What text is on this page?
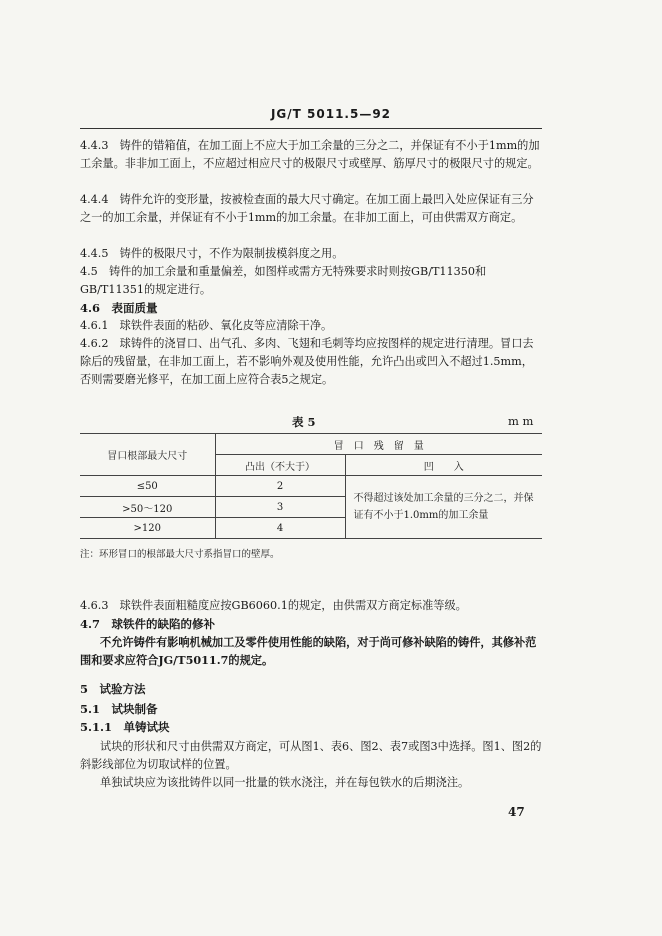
JG/T 5011.5—92

4.4.3　铸件的错箱值，在加工面上不应大于加工余量的三分之二，并保证有不小于1mm的加工余量。非非加工面上，不应超过相应尺寸的极限尺寸或壁厚、筋厚尺寸的极限尺寸的规定。

4.4.4　铸件允许的变形量，按被检查面的最大尺寸确定。在加工面上最凹入处应保证有三分之一的加工余量，并保证有不小于1mm的加工余量。在非加工面上，可由供需双方商定。

4.4.5　铸件的极限尺寸，不作为限制拔模斜度之用。

4.5　铸件的加工余量和重量偏差，如图样或需方无特殊要求时则按GB/T11350和GB/T11351的规定进行。

4.6　表面质量

4.6.1　球铁件表面的粘砂、氧化皮等应清除干净。

4.6.2　球铸件的浇冒口、出气孔、多肉、飞翅和毛刺等均应按图样的规定进行清理。冒口去除后的残留量，在非加工面上，若不影响外观及使用性能，允许凸出或凹入不超过1.5mm，否则需要磨光修平，在加工面上应符合表5之规定。

表 5	m m
冒口根部最大尺寸	冒　口　残　留　量	
	凸出（不大于）	凹　　入
≤50	2	不得超过该处加工余量的三分之二，并保证有不小于1.0mm的加工余量
>50～120	3	
>120	4	
注：环形冒口的根部最大尺寸系指冒口的壁厚。

4.6.3　球铁件表面粗糙度应按GB6060.1的规定，由供需双方商定标准等级。

4.7　球铁件的缺陷的修补

不允许铸件有影响机械加工及零件使用性能的缺陷，对于尚可修补缺陷的铸件，其修补范围和要求应符合JG/T5011.7的规定。

5　试验方法

5.1　试块制备

5.1.1　单铸试块

试块的形状和尺寸由供需双方商定，可从图1、表6、图2、表7或图3中选择。图1、图2的斜影线部位为切取试样的位置。

单独试块应为该批铸件以同一批量的铁水浇注，并在每包铁水的后期浇注。

47
